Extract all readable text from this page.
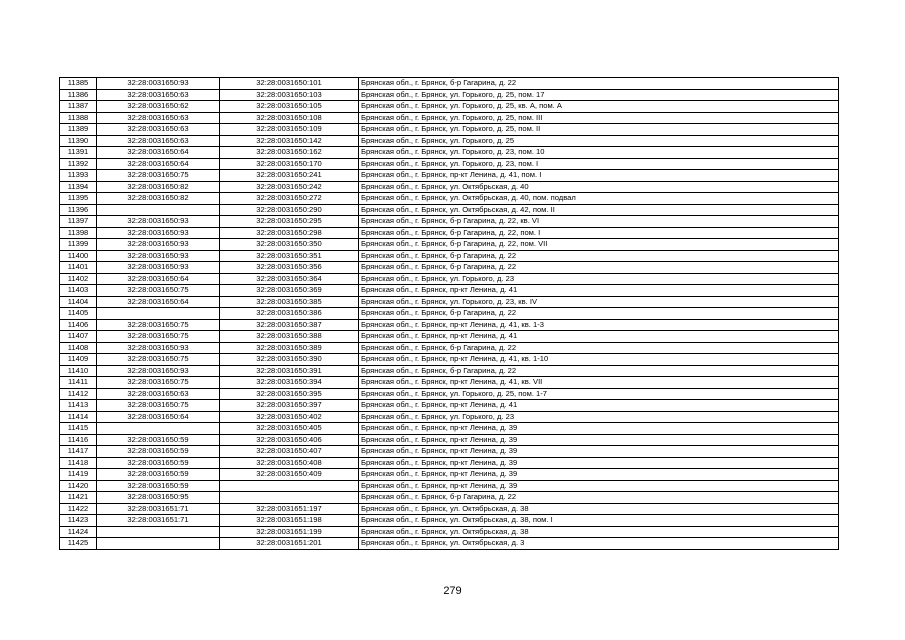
11385	32:28:0031650:93	32:28:0031650:101	Брянская обл., г. Брянск, б-р Гагарина, д. 22
11386	32:28:0031650:63	32:28:0031650:103	Брянская обл., г. Брянск, ул. Горького, д. 25, пом. 17
11387	32:28:0031650:62	32:28:0031650:105	Брянская обл., г. Брянск, ул. Горького, д. 25, кв. А, пом. А
11388	32:28:0031650:63	32:28:0031650:108	Брянская обл., г. Брянск, ул. Горького, д. 25, пом. III
11389	32:28:0031650:63	32:28:0031650:109	Брянская обл., г. Брянск, ул. Горького, д. 25, пом. II
11390	32:28:0031650:63	32:28:0031650:142	Брянская обл., г. Брянск, ул. Горького, д. 25
11391	32:28:0031650:64	32:28:0031650:162	Брянская обл., г. Брянск, ул. Горького, д. 23, пом. 10
11392	32:28:0031650:64	32:28:0031650:170	Брянская обл., г. Брянск, ул. Горького, д. 23, пом. I
11393	32:28:0031650:75	32:28:0031650:241	Брянская обл., г. Брянск, пр-кт Ленина, д. 41, пом. I
11394	32:28:0031650:82	32:28:0031650:242	Брянская обл., г. Брянск, ул. Октябрьская, д. 40
11395	32:28:0031650:82	32:28:0031650:272	Брянская обл., г. Брянск, ул. Октябрьская, д. 40, пом. подвал
11396		32:28:0031650:290	Брянская обл., г. Брянск, ул. Октябрьская, д. 42, пом. II
11397	32:28:0031650:93	32:28:0031650:295	Брянская обл., г. Брянск, б-р Гагарина, д. 22, кв. VI
11398	32:28:0031650:93	32:28:0031650:298	Брянская обл., г. Брянск, б-р Гагарина, д. 22, пом. I
11399	32:28:0031650:93	32:28:0031650:350	Брянская обл., г. Брянск, б-р Гагарина, д. 22, пом. VII
11400	32:28:0031650:93	32:28:0031650:351	Брянская обл., г. Брянск, б-р Гагарина, д. 22
11401	32:28:0031650:93	32:28:0031650:356	Брянская обл., г. Брянск, б-р Гагарина, д. 22
11402	32:28:0031650:64	32:28:0031650:364	Брянская обл., г. Брянск, ул. Горького, д. 23
11403	32:28:0031650:75	32:28:0031650:369	Брянская обл., г. Брянск, пр-кт Ленина, д. 41
11404	32:28:0031650:64	32:28:0031650:385	Брянская обл., г. Брянск, ул. Горького, д. 23, кв. IV
11405		32:28:0031650:386	Брянская обл., г. Брянск, б-р Гагарина, д. 22
11406	32:28:0031650:75	32:28:0031650:387	Брянская обл., г. Брянск, пр-кт Ленина, д. 41, кв. 1-3
11407	32:28:0031650:75	32:28:0031650:388	Брянская обл., г. Брянск, пр-кт Ленина, д. 41
11408	32:28:0031650:93	32:28:0031650:389	Брянская обл., г. Брянск, б-р Гагарина, д. 22
11409	32:28:0031650:75	32:28:0031650:390	Брянская обл., г. Брянск, пр-кт Ленина, д. 41, кв. 1-10
11410	32:28:0031650:93	32:28:0031650:391	Брянская обл., г. Брянск, б-р Гагарина, д. 22
11411	32:28:0031650:75	32:28:0031650:394	Брянская обл., г. Брянск, пр-кт Ленина, д. 41, кв. VII
11412	32:28:0031650:63	32:28:0031650:395	Брянская обл., г. Брянск, ул. Горького, д. 25, пом. 1-7
11413	32:28:0031650:75	32:28:0031650:397	Брянская обл., г. Брянск, пр-кт Ленина, д. 41
11414	32:28:0031650:64	32:28:0031650:402	Брянская обл., г. Брянск, ул. Горького, д. 23
11415		32:28:0031650:405	Брянская обл., г. Брянск, пр-кт Ленина, д. 39
11416	32:28:0031650:59	32:28:0031650:406	Брянская обл., г. Брянск, пр-кт Ленина, д. 39
11417	32:28:0031650:59	32:28:0031650:407	Брянская обл., г. Брянск, пр-кт Ленина, д. 39
11418	32:28:0031650:59	32:28:0031650:408	Брянская обл., г. Брянск, пр-кт Ленина, д. 39
11419	32:28:0031650:59	32:28:0031650:409	Брянская обл., г. Брянск, пр-кт Ленина, д. 39
11420	32:28:0031650:59		Брянская обл., г. Брянск, пр-кт Ленина, д. 39
11421	32:28:0031650:95		Брянская обл., г. Брянск, б-р Гагарина, д. 22
11422	32:28:0031651:71	32:28:0031651:197	Брянская обл., г. Брянск, ул. Октябрьская, д. 38
11423	32:28:0031651:71	32:28:0031651:198	Брянская обл., г. Брянск, ул. Октябрьская, д. 38, пом. I
11424		32:28:0031651:199	Брянская обл., г. Брянск, ул. Октябрьская, д. 38
11425		32:28:0031651:201	Брянская обл., г. Брянск, ул. Октябрьская, д. 3
279
